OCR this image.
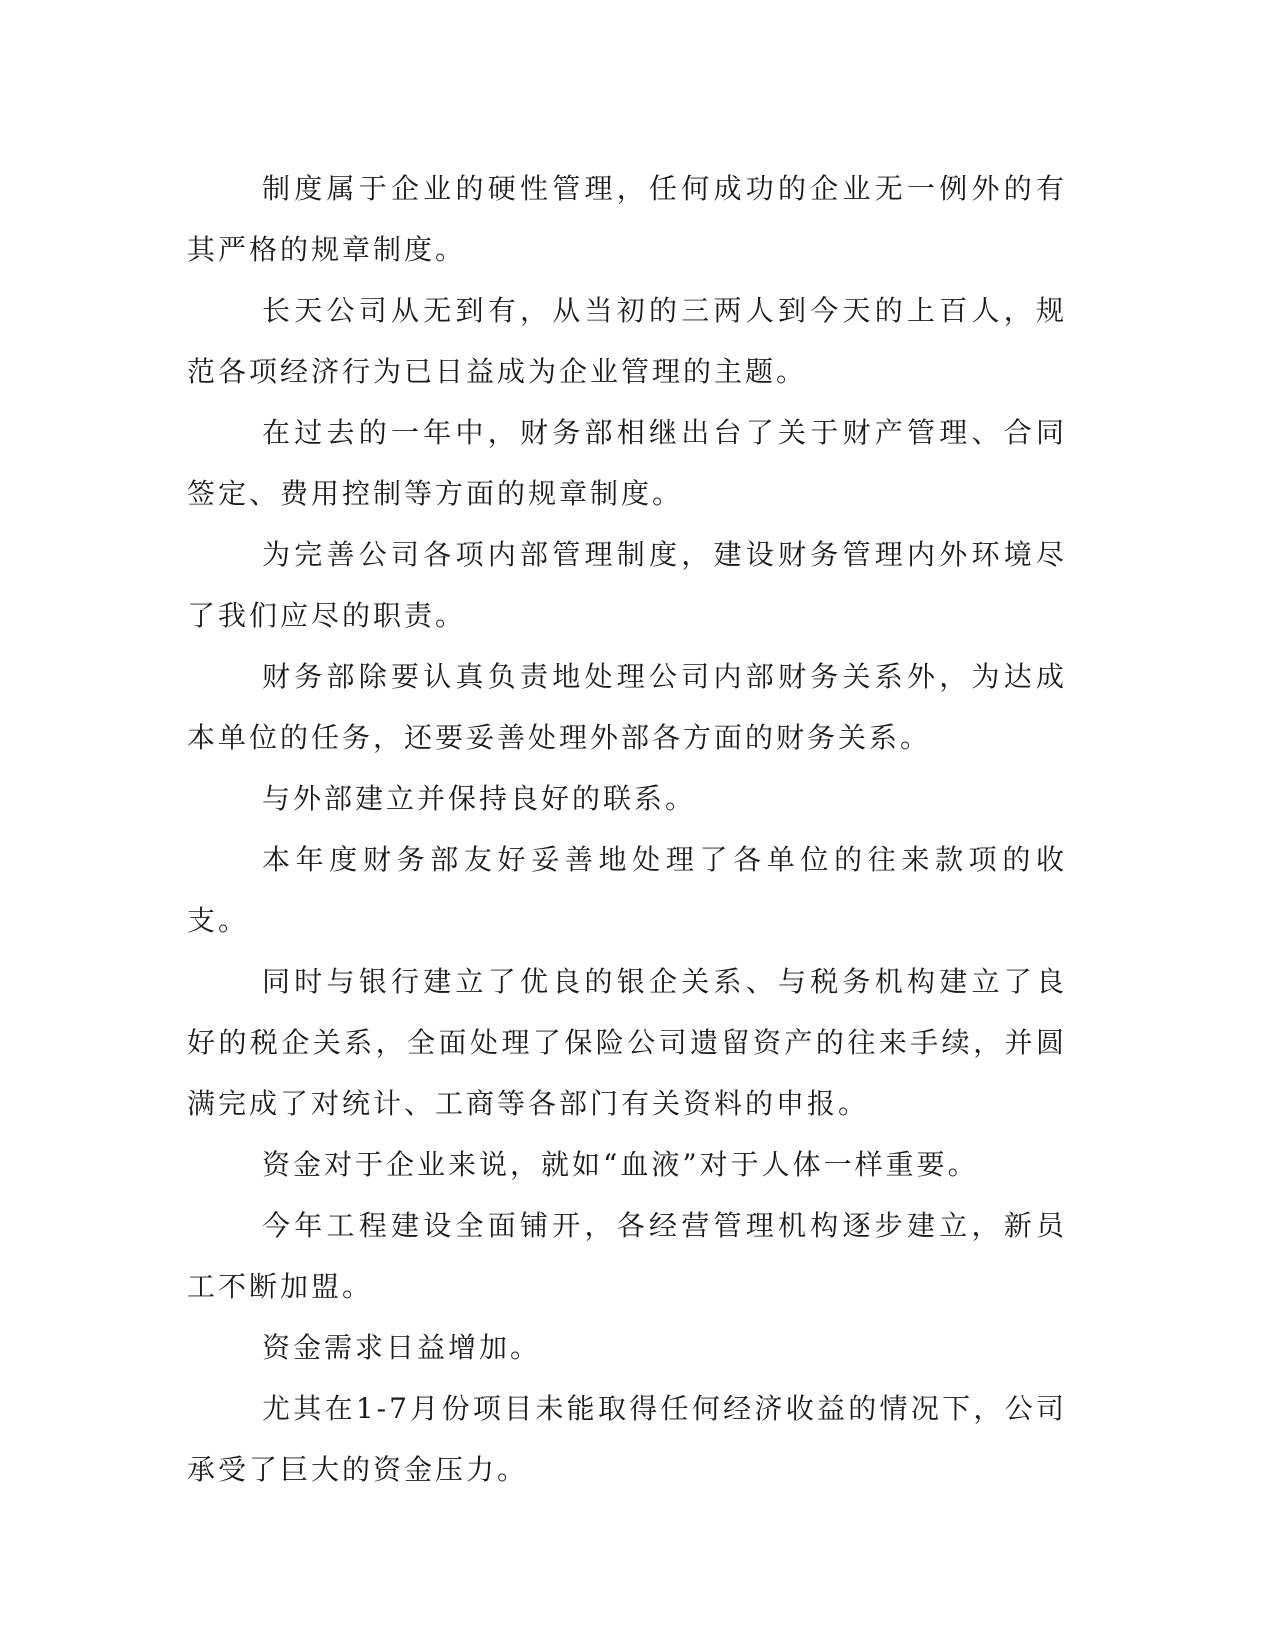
制度属于企业的硬性管理，任何成功的企业无一例外的有其严格的规章制度。

长天公司从无到有，从当初的三两人到今天的上百人，规范各项经济行为已日益成为企业管理的主题。

在过去的一年中，财务部相继出台了关于财产管理、合同签定、费用控制等方面的规章制度。

为完善公司各项内部管理制度，建设财务管理内外环境尽了我们应尽的职责。

财务部除要认真负责地处理公司内部财务关系外，为达成本单位的任务，还要妥善处理外部各方面的财务关系。

与外部建立并保持良好的联系。

本年度财务部友好妥善地处理了各单位的往来款项的收支。

同时与银行建立了优良的银企关系、与税务机构建立了良好的税企关系，全面处理了保险公司遗留资产的往来手续，并圆满完成了对统计、工商等各部门有关资料的申报。

资金对于企业来说，就如“血液”对于人体一样重要。

今年工程建设全面铺开，各经营管理机构逐步建立，新员工不断加盟。

资金需求日益增加。

尤其在1-7月份项目未能取得任何经济收益的情况下，公司承受了巨大的资金压力。
